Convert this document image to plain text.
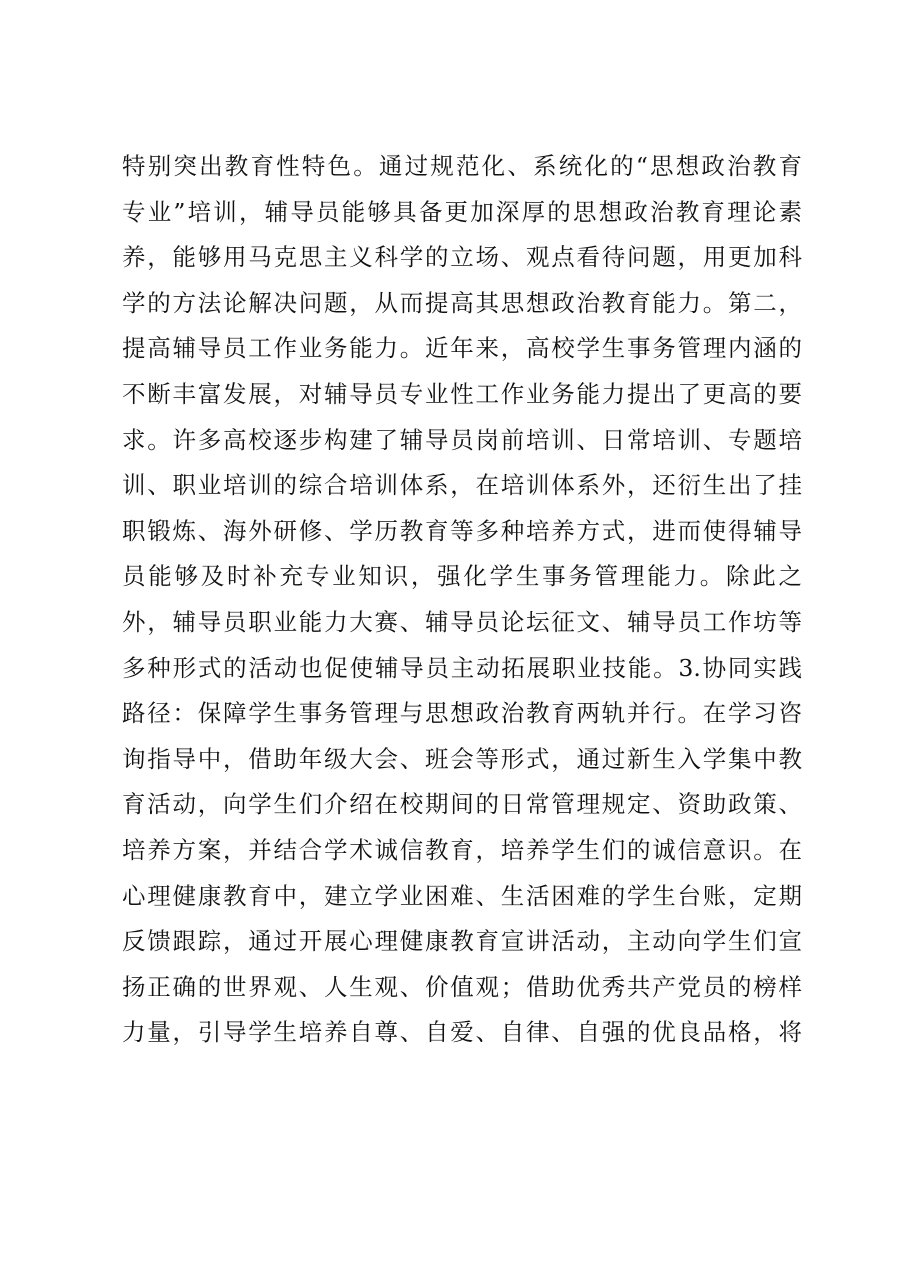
特别突出教育性特色。通过规范化、系统化的“思想政治教育
专业”培训，辅导员能够具备更加深厚的思想政治教育理论素
养，能够用马克思主义科学的立场、观点看待问题，用更加科
学的方法论解决问题，从而提高其思想政治教育能力。第二，
提高辅导员工作业务能力。近年来，高校学生事务管理内涵的
不断丰富发展，对辅导员专业性工作业务能力提出了更高的要
求。许多高校逐步构建了辅导员岗前培训、日常培训、专题培
训、职业培训的综合培训体系，在培训体系外，还衍生出了挂
职锻炼、海外研修、学历教育等多种培养方式，进而使得辅导
员能够及时补充专业知识，强化学生事务管理能力。除此之
外，辅导员职业能力大赛、辅导员论坛征文、辅导员工作坊等
多种形式的活动也促使辅导员主动拓展职业技能。3.协同实践
路径：保障学生事务管理与思想政治教育两轨并行。在学习咨
询指导中，借助年级大会、班会等形式，通过新生入学集中教
育活动，向学生们介绍在校期间的日常管理规定、资助政策、
培养方案，并结合学术诚信教育，培养学生们的诚信意识。在
心理健康教育中，建立学业困难、生活困难的学生台账，定期
反馈跟踪，通过开展心理健康教育宣讲活动，主动向学生们宣
扬正确的世界观、人生观、价值观；借助优秀共产党员的榜样
力量，引导学生培养自尊、自爱、自律、自强的优良品格，将
